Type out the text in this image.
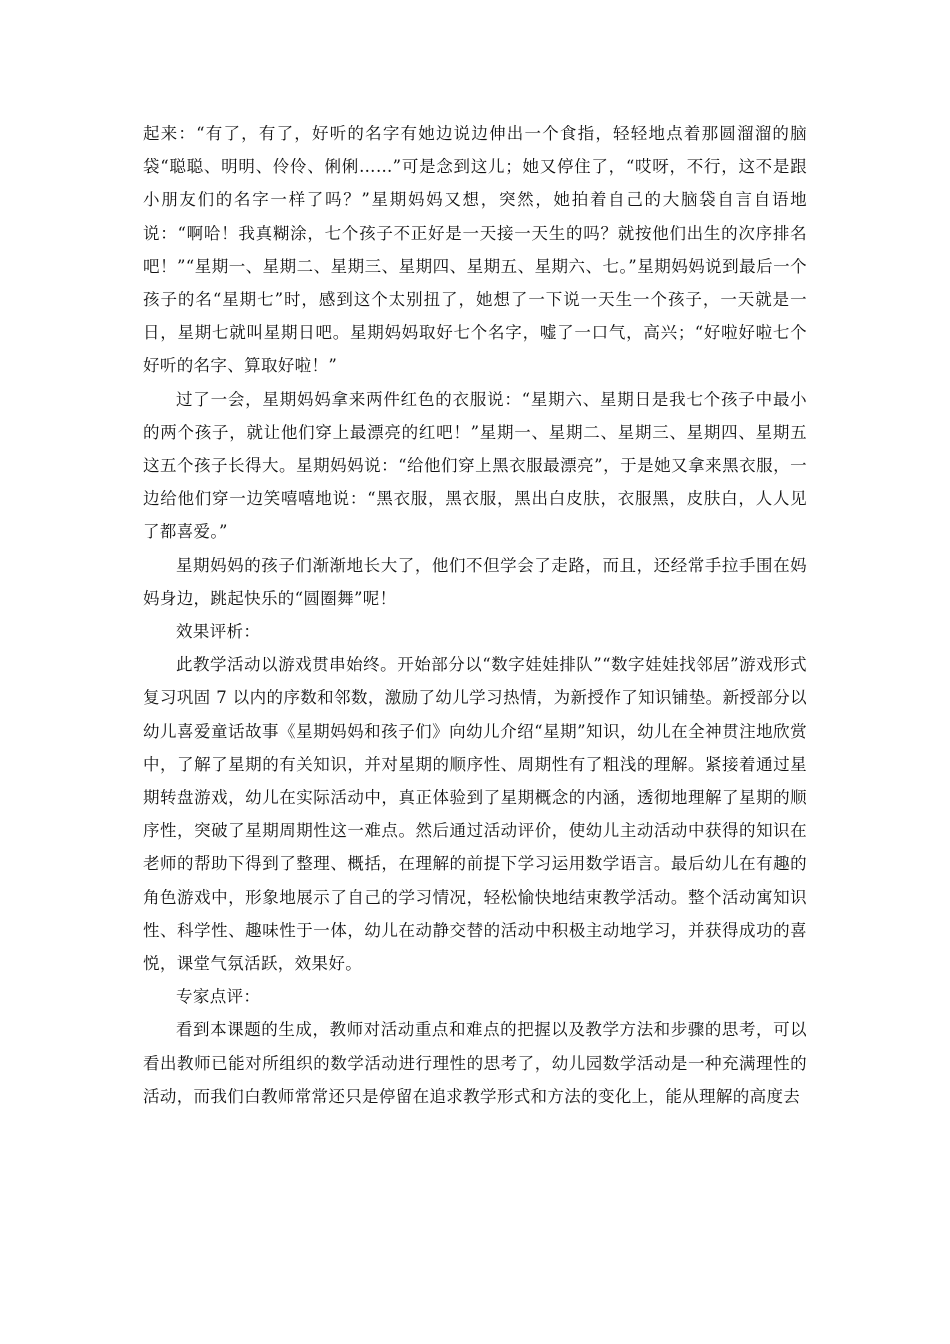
起来：“有了，有了，好听的名字有她边说边伸出一个食指，轻轻地点着那圆溜溜的脑袋“聪聪、明明、伶伶、俐俐……”可是念到这儿；她又停住了，“哎呀，不行，这不是跟小朋友们的名字一样了吗？”星期妈妈又想，突然，她拍着自己的大脑袋自言自语地说：“啊哈！我真糊涂，七个孩子不正好是一天接一天生的吗？就按他们出生的次序排名吧！”“星期一、星期二、星期三、星期四、星期五、星期六、七。”星期妈妈说到最后一个孩子的名“星期七”时，感到这个太别扭了，她想了一下说一天生一个孩子，一天就是一日，星期七就叫星期日吧。星期妈妈取好七个名字，嘘了一口气，高兴；“好啦好啦七个好听的名字、算取好啦！”

过了一会，星期妈妈拿来两件红色的衣服说：“星期六、星期日是我七个孩子中最小的两个孩子，就让他们穿上最漂亮的红吧！”星期一、星期二、星期三、星期四、星期五这五个孩子长得大。星期妈妈说：“给他们穿上黑衣服最漂亮”，于是她又拿来黑衣服，一边给他们穿一边笑嘻嘻地说：“黑衣服，黑衣服，黑出白皮肤，衣服黑，皮肤白，人人见了都喜爱。”

星期妈妈的孩子们渐渐地长大了，他们不但学会了走路，而且，还经常手拉手围在妈妈身边，跳起快乐的“圆圈舞”呢！

效果评析：

此教学活动以游戏贯串始终。开始部分以“数字娃娃排队”“数字娃娃找邻居”游戏形式复习巩固 7 以内的序数和邻数，激励了幼儿学习热情，为新授作了知识铺垫。新授部分以幼儿喜爱童话故事《星期妈妈和孩子们》向幼儿介绍“星期”知识，幼儿在全神贯注地欣赏中，了解了星期的有关知识，并对星期的顺序性、周期性有了粗浅的理解。紧接着通过星期转盘游戏，幼儿在实际活动中，真正体验到了星期概念的内涵，透彻地理解了星期的顺序性，突破了星期周期性这一难点。然后通过活动评价，使幼儿主动活动中获得的知识在老师的帮助下得到了整理、概括，在理解的前提下学习运用数学语言。最后幼儿在有趣的角色游戏中，形象地展示了自己的学习情况，轻松愉快地结束教学活动。整个活动寓知识性、科学性、趣味性于一体，幼儿在动静交替的活动中积极主动地学习，并获得成功的喜悦，课堂气氛活跃，效果好。

专家点评：

看到本课题的生成，教师对活动重点和难点的把握以及教学方法和步骤的思考，可以看出教师已能对所组织的数学活动进行理性的思考了，幼儿园数学活动是一种充满理性的活动，而我们白教师常常还只是停留在追求教学形式和方法的变化上，能从理解的高度去
